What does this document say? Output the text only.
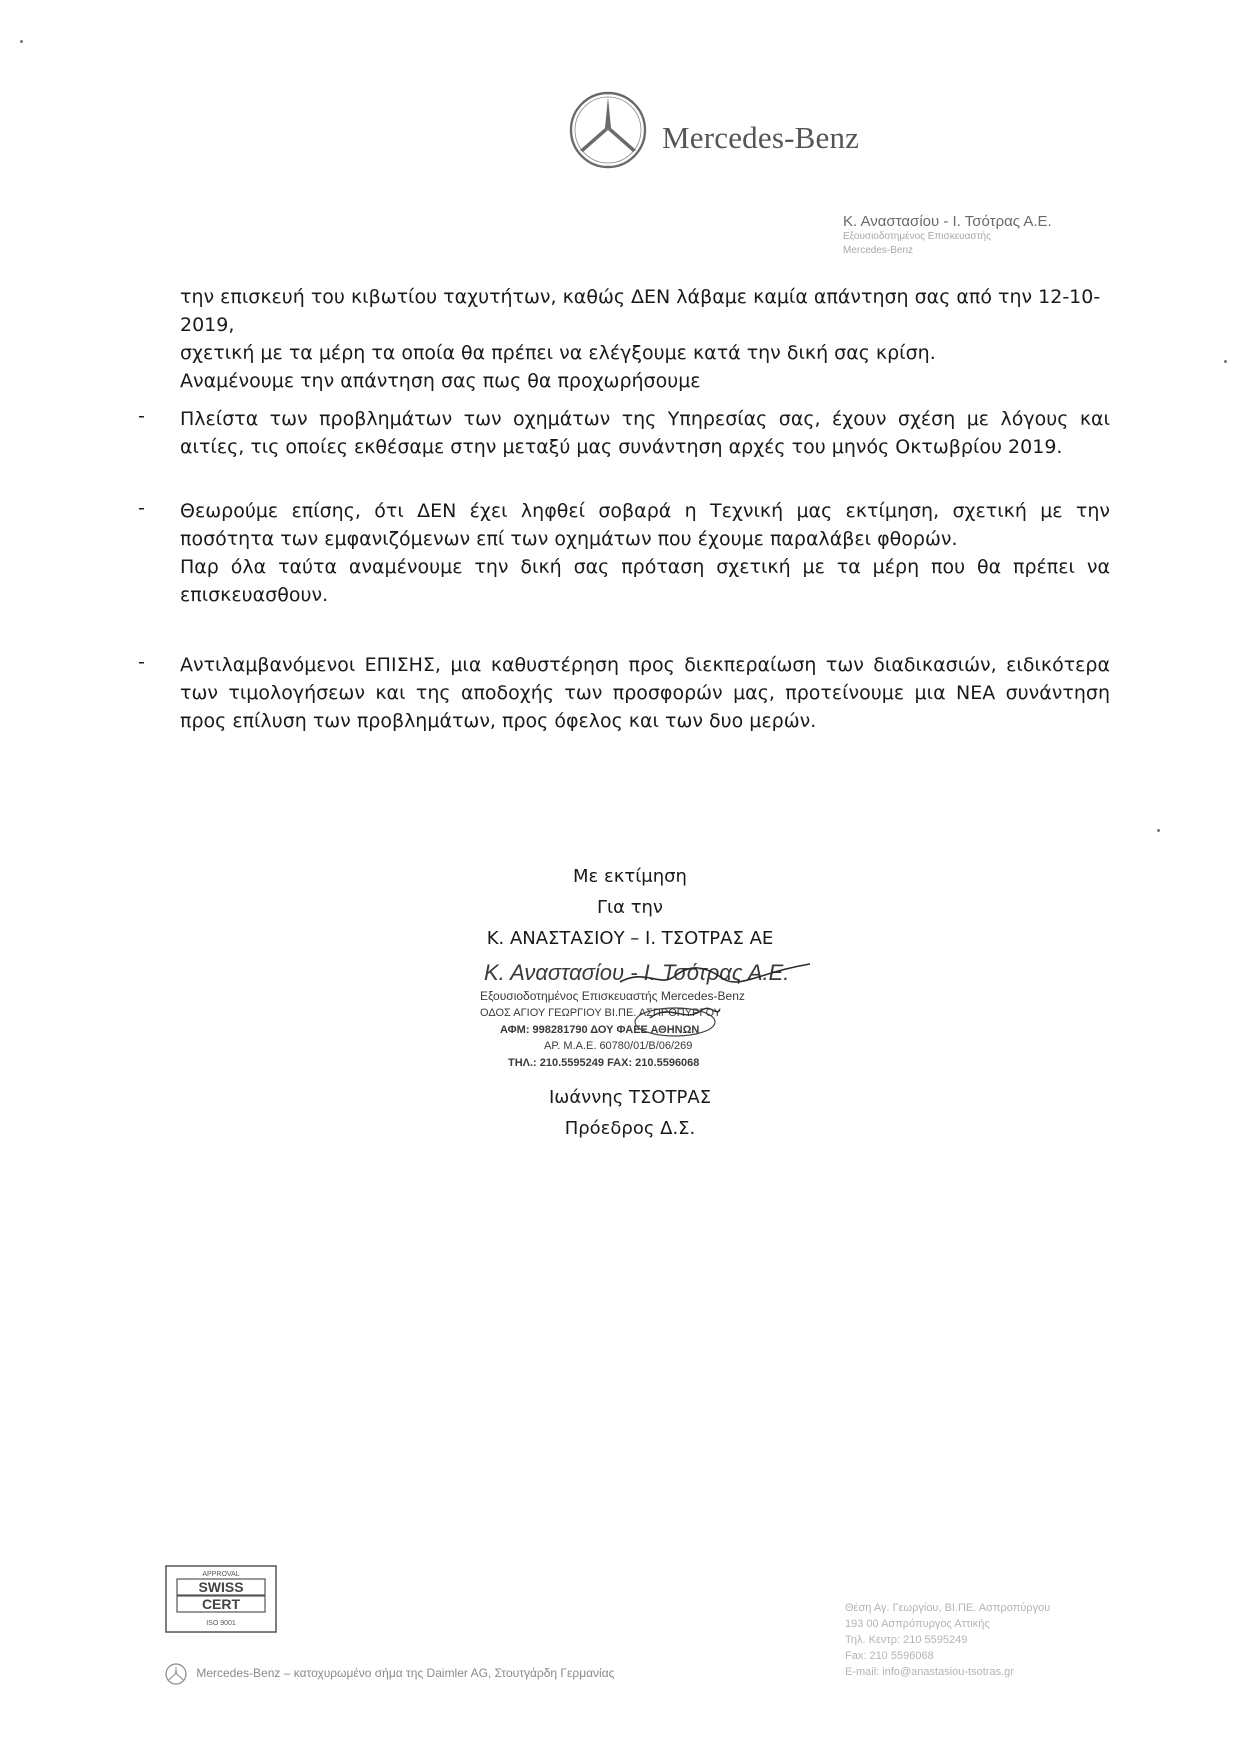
Mercedes-Benz
Κ. Αναστασίου - Ι. Τσότρας Α.Ε.
Εξουσιοδοτημένος Επισκευαστής
Mercedes-Benz
την επισκευή του κιβωτίου ταχυτήτων, καθώς ΔΕΝ λάβαμε καμία απάντηση σας από την 12-10-2019,
σχετική με τα μέρη τα οποία θα πρέπει να ελέγξουμε κατά την δική σας κρίση.
Αναμένουμε την απάντηση σας πως θα προχωρήσουμε
- Πλείστα των προβλημάτων των οχημάτων της Υπηρεσίας σας, έχουν σχέση με λόγους και αιτίες, τις οποίες εκθέσαμε στην μεταξύ μας συνάντηση αρχές του μηνός Οκτωβρίου 2019.
- Θεωρούμε επίσης, ότι ΔΕΝ έχει ληφθεί σοβαρά η Τεχνική μας εκτίμηση, σχετική με την ποσότητα των εμφανιζόμενων επί των οχημάτων που έχουμε παραλάβει φθορών.

Παρ όλα ταύτα αναμένουμε την δική σας πρόταση σχετική με τα μέρη που θα πρέπει να επισκευασθουν.

- Αντιλαμβανόμενοι ΕΠΙΣΗΣ, μια καθυστέρηση προς διεκπεραίωση των διαδικασιών, ειδικότερα των τιμολογήσεων και της αποδοχής των προσφορών μας, προτείνουμε μια ΝΕΑ συνάντηση προς επίλυση των προβλημάτων, προς όφελος και των δυο μερών.
Με εκτίμηση
Για την
Κ. ΑΝΑΣΤΑΣΙΟΥ – Ι. ΤΣΟΤΡΑΣ ΑΕ
Κ. Αναστασίου - Ι. Τσότρας Α.Ε.
Εξουσιοδοτημένος Επισκευαστής Mercedes-Benz
ΟΔΟΣ ΑΓΙΟΥ ΓΕΩΡΓΙΟΥ ΒΙ.ΠΕ. ΑΣΠΡΟΠΥΡΓΟΥ
ΑΦΜ: 998281790 ΔΟΥ ΦΑΕΕ ΑΘΗΝΩΝ
ΑΡ. Μ.Α.Ε. 60780/01/Β/06/269
ΤΗΛ.: 210.5595249 FAX: 210.5596068
Ιωάννης ΤΣΟΤΡΑΣ
Πρόεδρος Δ.Σ.
APPROVAL
SWISS
CERT
ISO 9001
Mercedes-Benz – κατοχυρωμένο σήμα της Daimler AG, Στουτγάρδη Γερμανίας
Θέση Αγ. Γεωργίου, ΒΙ.ΠΕ. Ασπροπύργου
193 00 Ασπρόπυργος Αττικής
Τηλ. Κεντρ: 210 5595249
Fax: 210 5596068
E-mail: info@anastasiou-tsotras.gr
